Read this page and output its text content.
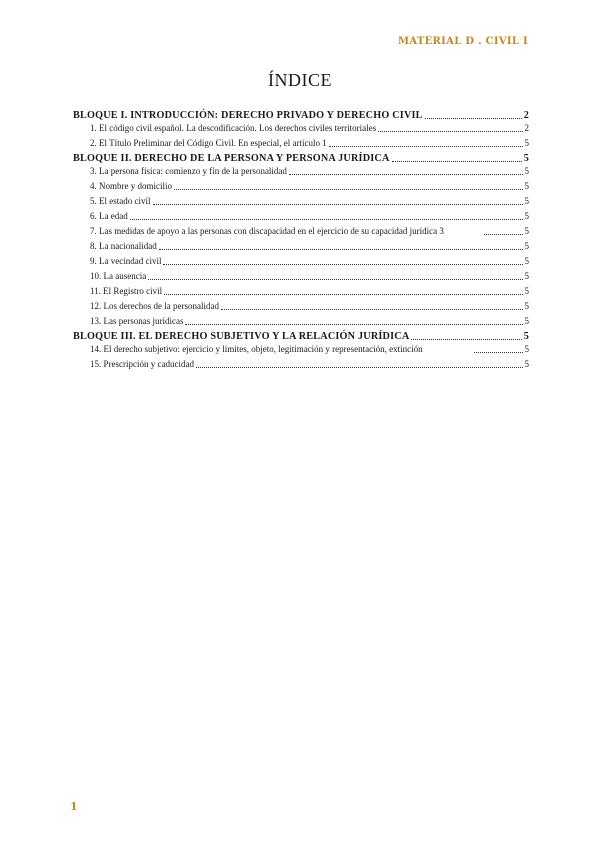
MATERIAL D . CIVIL I
ÍNDICE
BLOQUE I. INTRODUCCIÓN: DERECHO PRIVADO Y DERECHO CIVIL	2
1. El código civil español. La descodificación. Los derechos civiles territoriales	2
2. El Título Preliminar del Código Civil. En especial, el artículo 1	5
BLOQUE II. DERECHO DE LA PERSONA Y PERSONA JURÍDICA	5
3. La persona física: comienzo y fin de la personalidad	5
4. Nombre y domicilio	5
5. El estado civil	5
6. La edad	5
7. Las medidas de apoyo a las personas con discapacidad en el ejercicio de su capacidad jurídica 3	5
8. La nacionalidad	5
9. La vecindad civil	5
10. La ausencia	5
11. El Registro civil	5
12. Los derechos de la personalidad	5
13. Las personas jurídicas	5
BLOQUE III. EL DERECHO SUBJETIVO Y LA RELACIÓN JURÍDICA	5
14. El derecho subjetivo: ejercicio y límites, objeto, legitimación y representación, extinción	5
15. Prescripción y caducidad	5
1
